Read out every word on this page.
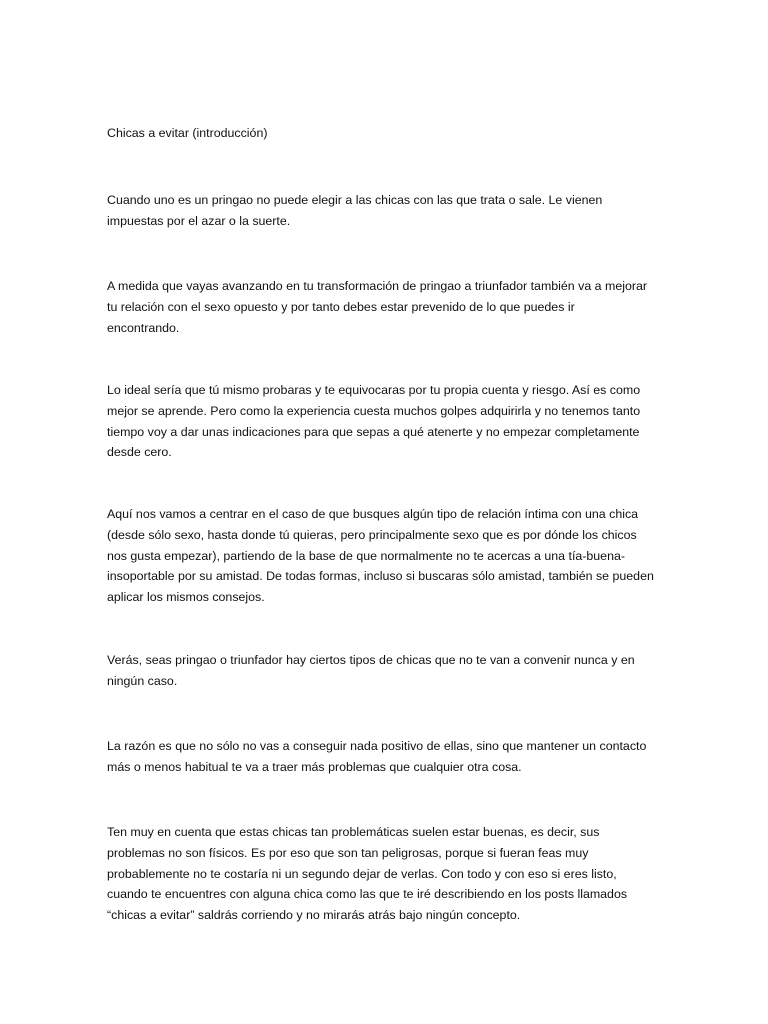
Chicas a evitar (introducción)

Cuando uno es un pringao no puede elegir a las chicas con las que trata o sale. Le vienen
impuestas por el azar o la suerte.

A medida que vayas avanzando en tu transformación de pringao a triunfador también va a mejorar
tu relación con el sexo opuesto y por tanto debes estar prevenido de lo que puedes ir
encontrando.

Lo ideal sería que tú mismo probaras y te equivocaras por tu propia cuenta y riesgo. Así es como
mejor se aprende. Pero como la experiencia cuesta muchos golpes adquirirla y no tenemos tanto
tiempo voy a dar unas indicaciones para que sepas a qué atenerte y no empezar completamente
desde cero.

Aquí nos vamos a centrar en el caso de que busques algún tipo de relación íntima con una chica
(desde sólo sexo, hasta donde tú quieras, pero principalmente sexo que es por dónde los chicos
nos gusta empezar), partiendo de la base de que normalmente no te acercas a una tía-buena-
insoportable por su amistad. De todas formas, incluso si buscaras sólo amistad, también se pueden
aplicar los mismos consejos.

Verás, seas pringao o triunfador hay ciertos tipos de chicas que no te van a convenir nunca y en
ningún caso.

La razón es que no sólo no vas a conseguir nada positivo de ellas, sino que mantener un contacto
más o menos habitual te va a traer más problemas que cualquier otra cosa.

Ten muy en cuenta que estas chicas tan problemáticas suelen estar buenas, es decir, sus
problemas no son físicos. Es por eso que son tan peligrosas, porque si fueran feas muy
probablemente no te costaría ni un segundo dejar de verlas. Con todo y con eso si eres listo,
cuando te encuentres con alguna chica como las que te iré describiendo en los posts llamados
“chicas a evitar” saldrás corriendo y no mirarás atrás bajo ningún concepto.
